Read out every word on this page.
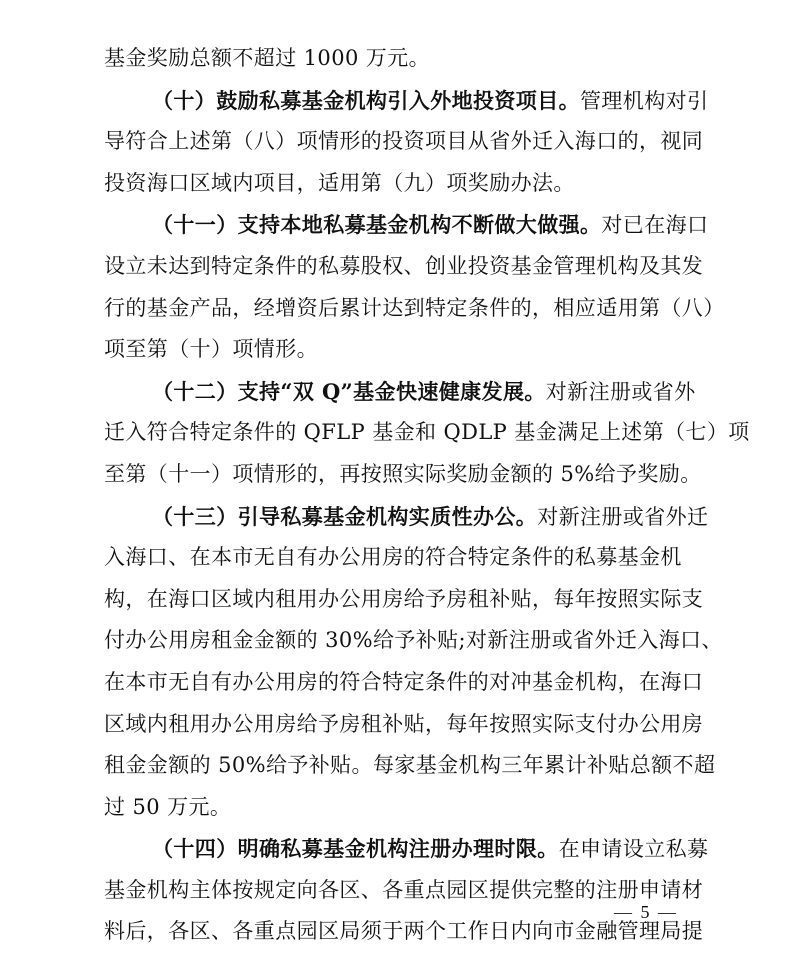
基金奖励总额不超过 1000 万元。
（十）鼓励私募基金机构引入外地投资项目。管理机构对引
导符合上述第（八）项情形的投资项目从省外迁入海口的，视同
投资海口区域内项目，适用第（九）项奖励办法。
（十一）支持本地私募基金机构不断做大做强。对已在海口
设立未达到特定条件的私募股权、创业投资基金管理机构及其发
行的基金产品，经增资后累计达到特定条件的，相应适用第（八）
项至第（十）项情形。
（十二）支持“双 Q”基金快速健康发展。对新注册或省外
迁入符合特定条件的 QFLP 基金和 QDLP 基金满足上述第（七）项
至第（十一）项情形的，再按照实际奖励金额的 5%给予奖励。
（十三）引导私募基金机构实质性办公。对新注册或省外迁
入海口、在本市无自有办公用房的符合特定条件的私募基金机
构，在海口区域内租用办公用房给予房租补贴，每年按照实际支
付办公用房租金金额的 30%给予补贴;对新注册或省外迁入海口、
在本市无自有办公用房的符合特定条件的对冲基金机构，在海口
区域内租用办公用房给予房租补贴，每年按照实际支付办公用房
租金金额的 50%给予补贴。每家基金机构三年累计补贴总额不超
过 50 万元。
（十四）明确私募基金机构注册办理时限。在申请设立私募
基金机构主体按规定向各区、各重点园区提供完整的注册申请材
料后，各区、各重点园区局须于两个工作日内向市金融管理局提
— 5 —
